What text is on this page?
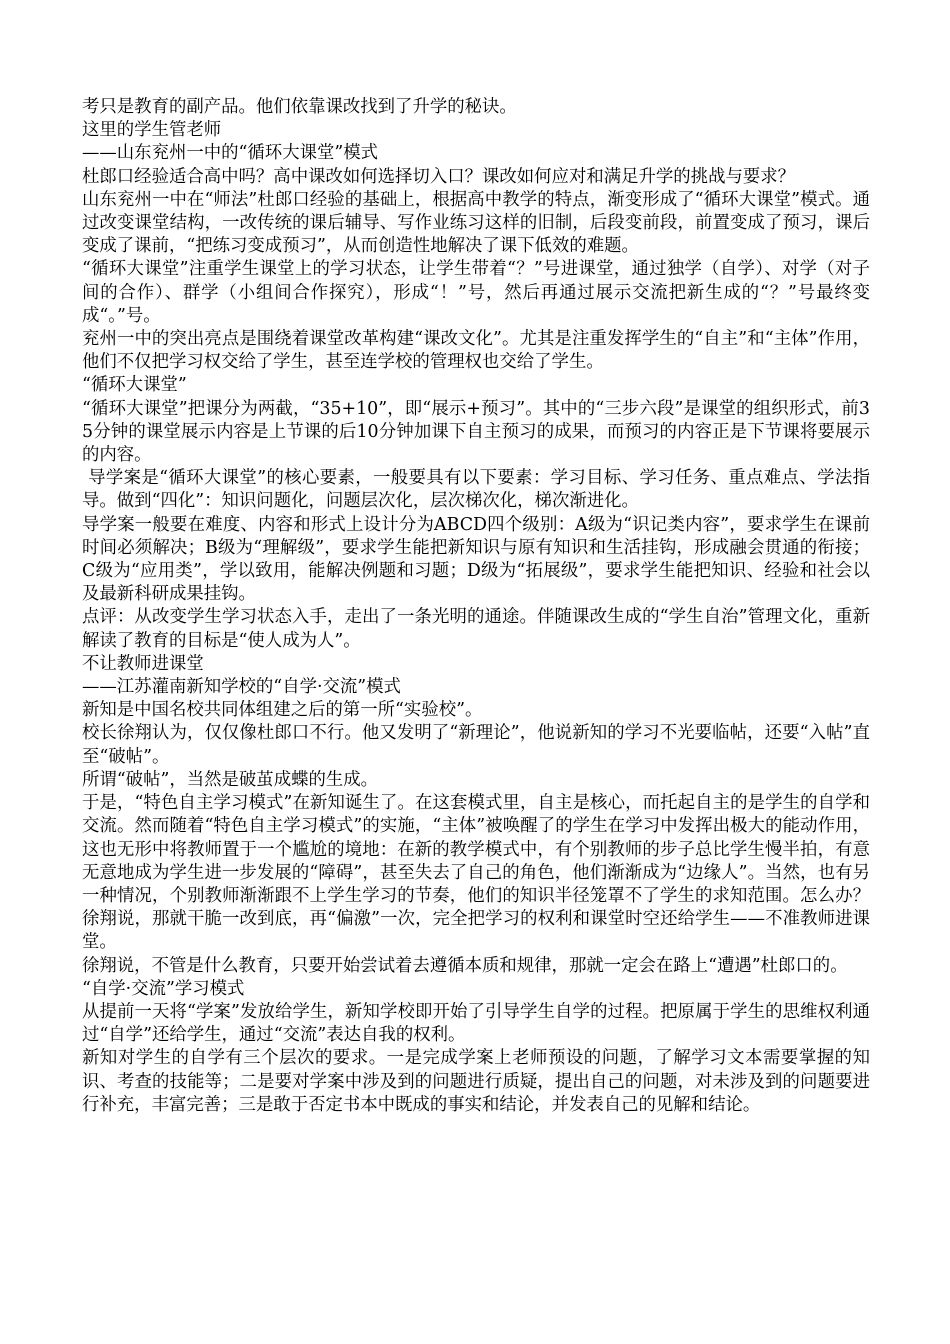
考只是教育的副产品。他们依靠课改找到了升学的秘诀。

这里的学生管老师

——山东兖州一中的“循环大课堂”模式

杜郎口经验适合高中吗？高中课改如何选择切入口？课改如何应对和满足升学的挑战与要求？

山东兖州一中在“师法”杜郎口经验的基础上，根据高中教学的特点，渐变形成了“循环大课堂”模式。通过改变课堂结构，一改传统的课后辅导、写作业练习这样的旧制，后段变前段，前置变成了预习，课后变成了课前，“把练习变成预习”，从而创造性地解决了课下低效的难题。

“循环大课堂”注重学生课堂上的学习状态，让学生带着“？”号进课堂，通过独学（自学）、对学（对子间的合作）、群学（小组间合作探究），形成“！”号，然后再通过展示交流把新生成的“？”号最终变成“。”号。

兖州一中的突出亮点是围绕着课堂改革构建“课改文化”。尤其是注重发挥学生的“自主”和“主体”作用，他们不仅把学习权交给了学生，甚至连学校的管理权也交给了学生。

“循环大课堂”

“循环大课堂”把课分为两截，“35+10”，即“展示+预习”。其中的“三步六段”是课堂的组织形式，前35分钟的课堂展示内容是上节课的后10分钟加课下自主预习的成果，而预习的内容正是下节课将要展示的内容。

导学案是“循环大课堂”的核心要素，一般要具有以下要素：学习目标、学习任务、重点难点、学法指导。做到“四化”：知识问题化，问题层次化，层次梯次化，梯次渐进化。

导学案一般要在难度、内容和形式上设计分为ABCD四个级别：A级为“识记类内容”，要求学生在课前时间必须解决；B级为“理解级”，要求学生能把新知识与原有知识和生活挂钩，形成融会贯通的衔接；C级为“应用类”，学以致用，能解决例题和习题；D级为“拓展级”，要求学生能把知识、经验和社会以及最新科研成果挂钩。

点评：从改变学生学习状态入手，走出了一条光明的通途。伴随课改生成的“学生自治”管理文化，重新解读了教育的目标是“使人成为人”。

不让教师进课堂

——江苏灌南新知学校的“自学·交流”模式

新知是中国名校共同体组建之后的第一所“实验校”。

校长徐翔认为，仅仅像杜郎口不行。他又发明了“新理论”，他说新知的学习不光要临帖，还要“入帖”直至“破帖”。

所谓“破帖”，当然是破茧成蝶的生成。

于是，“特色自主学习模式”在新知诞生了。在这套模式里，自主是核心，而托起自主的是学生的自学和交流。然而随着“特色自主学习模式”的实施，“主体”被唤醒了的学生在学习中发挥出极大的能动作用，这也无形中将教师置于一个尴尬的境地：在新的教学模式中，有个别教师的步子总比学生慢半拍，有意无意地成为学生进一步发展的“障碍”，甚至失去了自己的角色，他们渐渐成为“边缘人”。当然，也有另一种情况，个别教师渐渐跟不上学生学习的节奏，他们的知识半径笼罩不了学生的求知范围。怎么办？徐翔说，那就干脆一改到底，再“偏激”一次，完全把学习的权利和课堂时空还给学生——不准教师进课堂。

徐翔说，不管是什么教育，只要开始尝试着去遵循本质和规律，那就一定会在路上“遭遇”杜郎口的。

“自学·交流”学习模式

从提前一天将“学案”发放给学生，新知学校即开始了引导学生自学的过程。把原属于学生的思维权利通过“自学”还给学生，通过“交流”表达自我的权利。

新知对学生的自学有三个层次的要求。一是完成学案上老师预设的问题，了解学习文本需要掌握的知识、考查的技能等；二是要对学案中涉及到的问题进行质疑，提出自己的问题，对未涉及到的问题要进行补充，丰富完善；三是敢于否定书本中既成的事实和结论，并发表自己的见解和结论。
